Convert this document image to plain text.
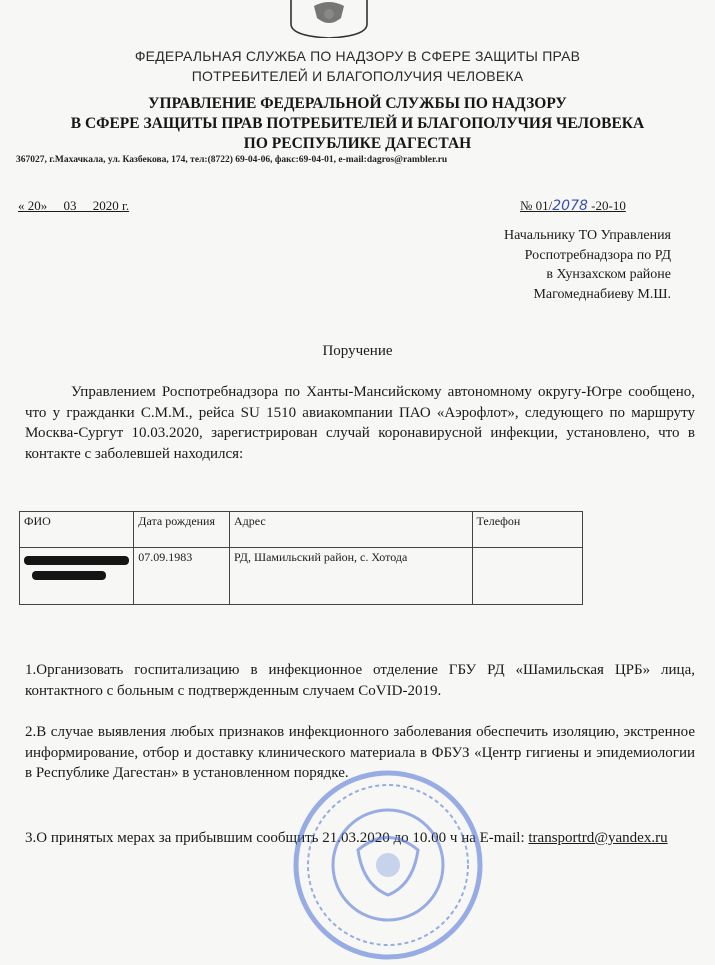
ФЕДЕРАЛЬНАЯ СЛУЖБА ПО НАДЗОРУ В СФЕРЕ ЗАЩИТЫ ПРАВ
ПОТРЕБИТЕЛЕЙ И БЛАГОПОЛУЧИЯ ЧЕЛОВЕКА
УПРАВЛЕНИЕ ФЕДЕРАЛЬНОЙ СЛУЖБЫ ПО НАДЗОРУ
В СФЕРЕ ЗАЩИТЫ ПРАВ ПОТРЕБИТЕЛЕЙ И БЛАГОПОЛУЧИЯ ЧЕЛОВЕКА
ПО РЕСПУБЛИКЕ ДАГЕСТАН
367027, г.Махачкала, ул. Казбекова, 174, тел:(8722) 69-04-06, факс:69-04-01, e-mail:dagros@rambler.ru
« 20»     03     2020 г.	№ 01/2078 -20-10
Начальнику ТО Управления
Роспотребнадзора по РД
в Хунзахском районе
Магомеднабиеву М.Ш.
Поручение
Управлением Роспотребнадзора по Ханты-Мансийскому автономному округу-Югре сообщено, что у гражданки С.М.М., рейса SU 1510 авиакомпании ПАО «Аэрофлот», следующего по маршруту Москва-Сургут 10.03.2020, зарегистрирован случай коронавирусной инфекции, установлено, что в контакте с заболевшей находился:
ФИО	Дата рождения	Адрес	Телефон

	07.09.1983	РД, Шамильский район, с. Хотода	
1.Организовать госпитализацию в инфекционное отделение ГБУ РД «Шамильская ЦРБ» лица, контактного с больным с подтвержденным случаем CoVID-2019.
2.В случае выявления любых признаков инфекционного заболевания обеспечить изоляцию, экстренное информирование, отбор и доставку клинического материала в ФБУЗ «Центр гигиены и эпидемиологии в Республике Дагестан» в установленном порядке.
3.О принятых мерах за прибывшим сообщить 21.03.2020 до 10.00 ч на E-mail: transportrd@yandex.ru
